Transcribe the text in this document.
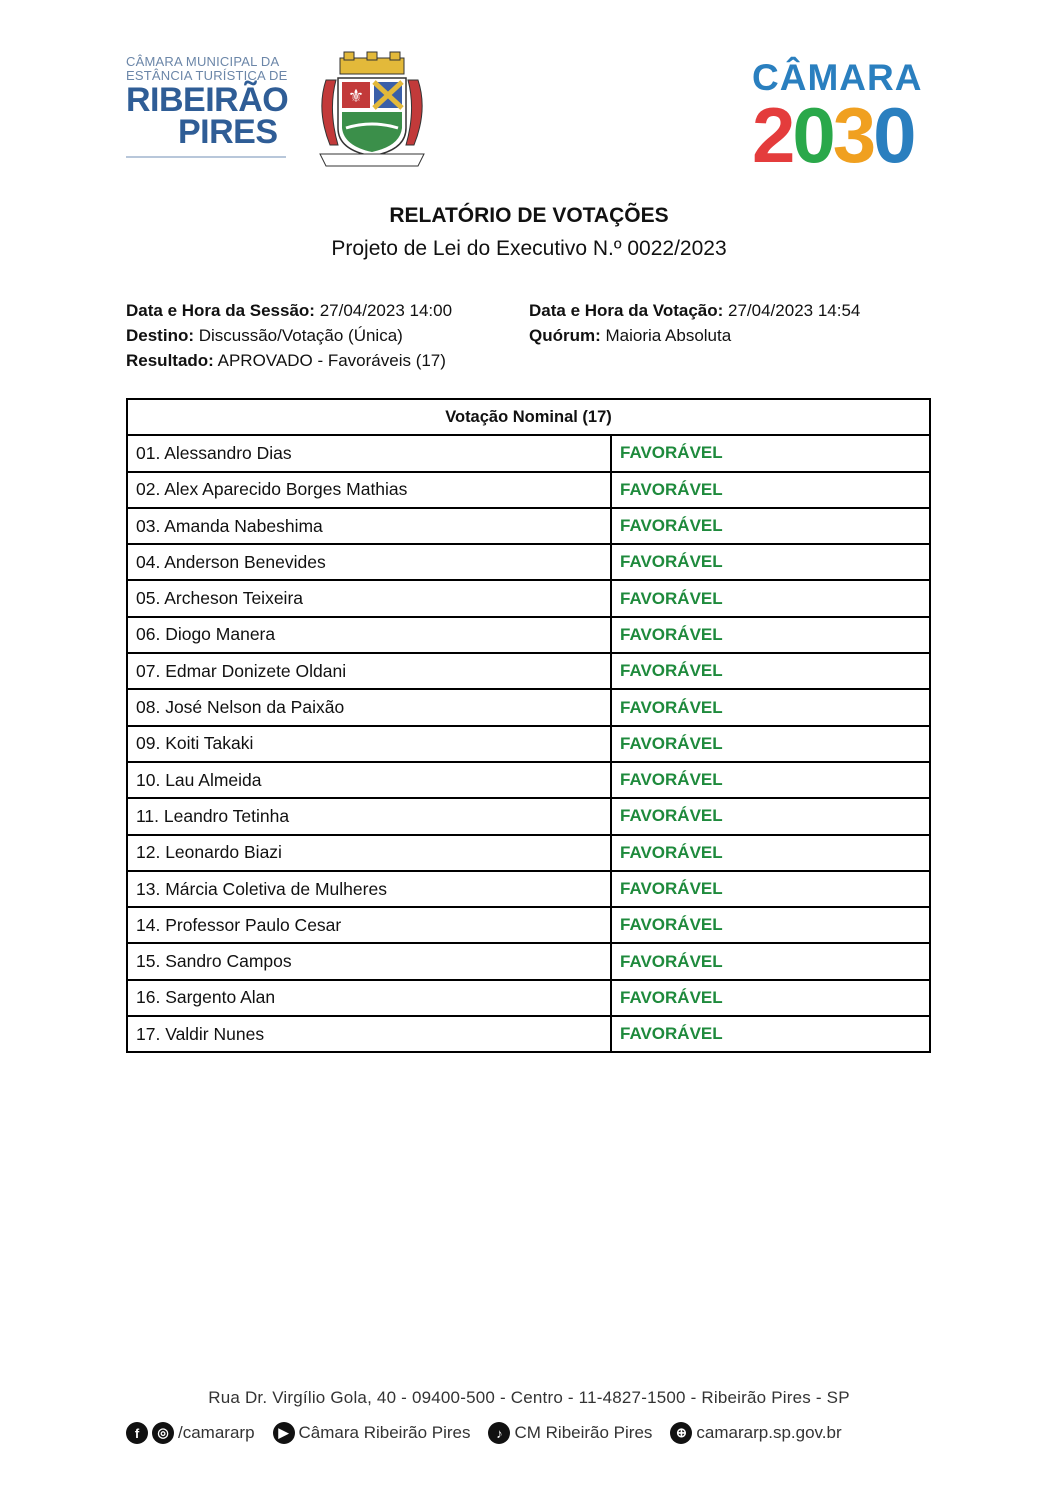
CÂMARA MUNICIPAL DA
ESTÂNCIA TURÍSTICA DE
RIBEIRÃO
PIRES
⚜	CÂMARA
2030
RELATÓRIO DE VOTAÇÕES
Projeto de Lei do Executivo N.º 0022/2023
Data e Hora da Sessão: 27/04/2023 14:00
Destino: Discussão/Votação (Única)
Resultado: APROVADO - Favoráveis (17)
Data e Hora da Votação: 27/04/2023 14:54
Quórum: Maioria Absoluta
Votação Nominal (17)	
01. Alessandro Dias	FAVORÁVEL
02. Alex Aparecido Borges Mathias	FAVORÁVEL
03. Amanda Nabeshima	FAVORÁVEL
04. Anderson Benevides	FAVORÁVEL
05. Archeson Teixeira	FAVORÁVEL
06. Diogo Manera	FAVORÁVEL
07. Edmar Donizete Oldani	FAVORÁVEL
08. José Nelson da Paixão	FAVORÁVEL
09. Koiti Takaki	FAVORÁVEL
10. Lau Almeida	FAVORÁVEL
11. Leandro Tetinha	FAVORÁVEL
12. Leonardo Biazi	FAVORÁVEL
13. Márcia Coletiva de Mulheres	FAVORÁVEL
14. Professor Paulo Cesar	FAVORÁVEL
15. Sandro Campos	FAVORÁVEL
16. Sargento Alan	FAVORÁVEL
17. Valdir Nunes	FAVORÁVEL
Rua Dr. Virgílio Gola, 40 - 09400-500 - Centro - 11-4827-1500 - Ribeirão Pires - SP
f	◎ /camararp	▶ Câmara Ribeirão Pires	♪ CM Ribeirão Pires	⊕ camararp.sp.gov.br
